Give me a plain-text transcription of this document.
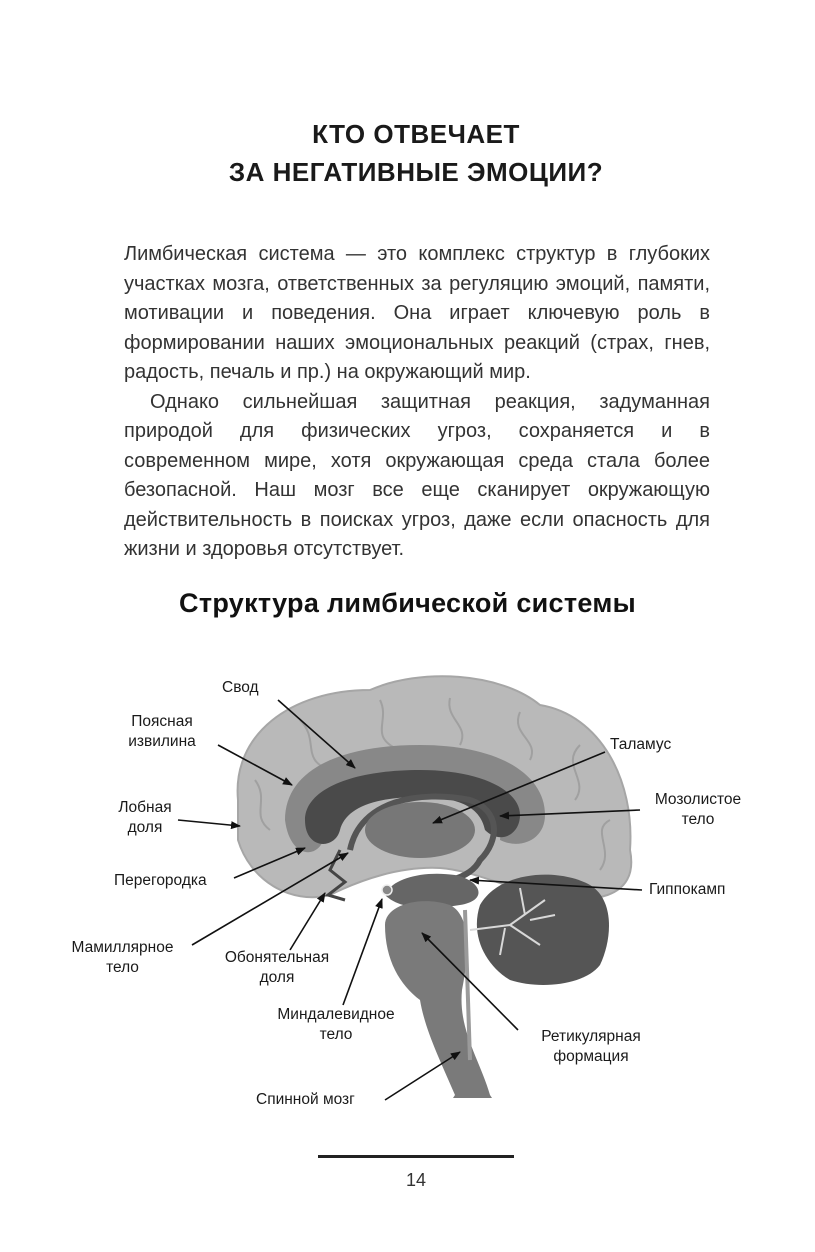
КТО ОТВЕЧАЕТ
ЗА НЕГАТИВНЫЕ ЭМОЦИИ?

Лимбическая система — это комплекс структур в глубоких участках мозга, ответственных за регуляцию эмоций, памяти, мотивации и поведения. Она играет ключевую роль в формировании наших эмоциональных реакций (страх, гнев, радость, печаль и пр.) на окружающий мир.

Однако сильнейшая защитная реакция, задуманная природой для физических угроз, сохраняется и в современном мире, хотя окружающая среда стала более безопасной. Наш мозг все еще сканирует окружающую действительность в поисках угроз, даже если опасность для жизни и здоровья отсутствует.

Структура лимбической системы
Свод
Поясная
извилина
Лобная
доля
Перегородка
Мамиллярное
тело
Обонятельная
доля
Миндалевидное
тело
Спинной мозг
Таламус
Мозолистое
тело
Гиппокамп
Ретикулярная
формация
14
